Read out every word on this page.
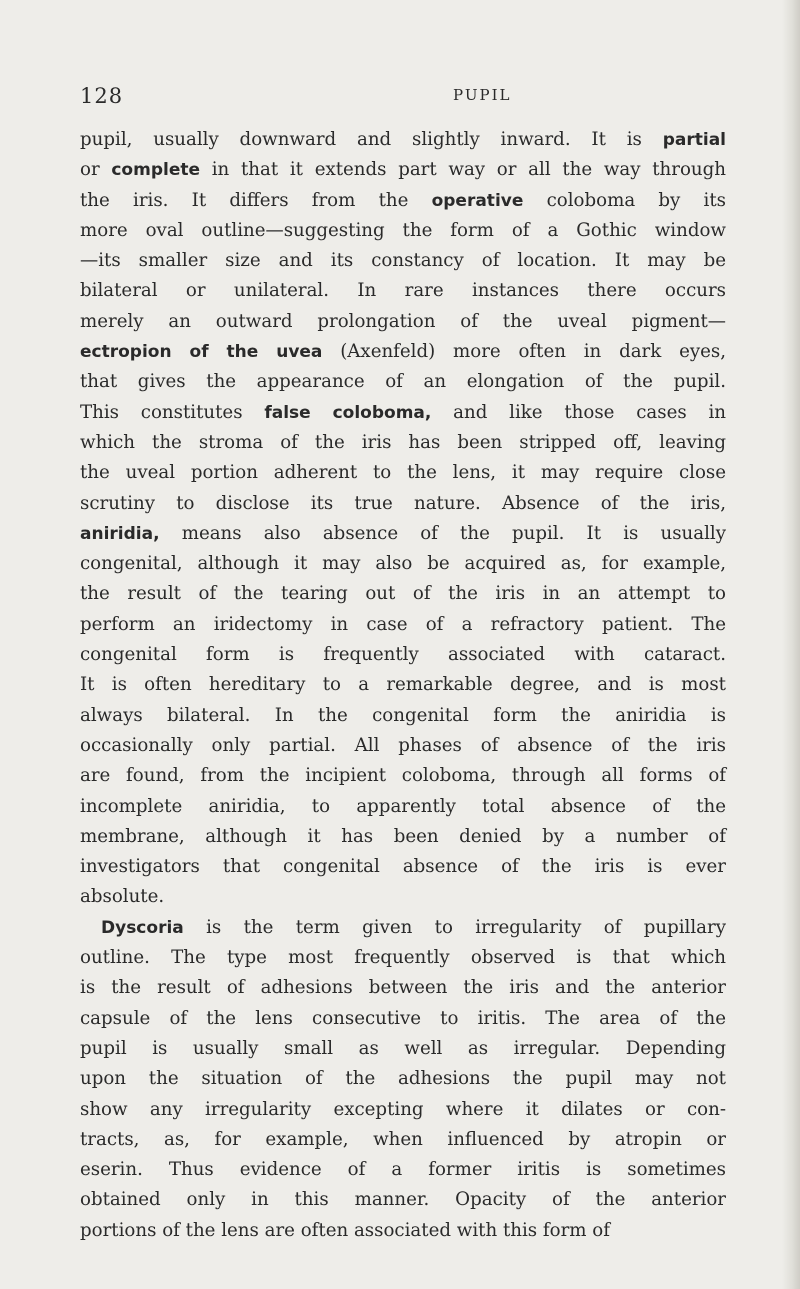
128	PUPIL
pupil, usually downward and slightly inward. It is partial
or complete in that it extends part way or all the way through
the iris. It differs from the operative coloboma by its
more oval outline—suggesting the form of a Gothic window
—its smaller size and its constancy of location. It may be
bilateral or unilateral. In rare instances there occurs
merely an outward prolongation of the uveal pigment—
ectropion of the uvea (Axenfeld) more often in dark eyes,
that gives the appearance of an elongation of the pupil.
This constitutes false coloboma, and like those cases in
which the stroma of the iris has been stripped off, leaving
the uveal portion adherent to the lens, it may require close
scrutiny to disclose its true nature. Absence of the iris,
aniridia, means also absence of the pupil. It is usually
congenital, although it may also be acquired as, for example,
the result of the tearing out of the iris in an attempt to
perform an iridectomy in case of a refractory patient. The
congenital form is frequently associated with cataract.
It is often hereditary to a remarkable degree, and is most
always bilateral. In the congenital form the aniridia is
occasionally only partial. All phases of absence of the iris
are found, from the incipient coloboma, through all forms of
incomplete aniridia, to apparently total absence of the
membrane, although it has been denied by a number of
investigators that congenital absence of the iris is ever
absolute.
Dyscoria is the term given to irregularity of pupillary
outline. The type most frequently observed is that which
is the result of adhesions between the iris and the anterior
capsule of the lens consecutive to iritis. The area of the
pupil is usually small as well as irregular. Depending
upon the situation of the adhesions the pupil may not
show any irregularity excepting where it dilates or con-
tracts, as, for example, when influenced by atropin or
eserin. Thus evidence of a former iritis is sometimes
obtained only in this manner. Opacity of the anterior
portions of the lens are often associated with this form of
